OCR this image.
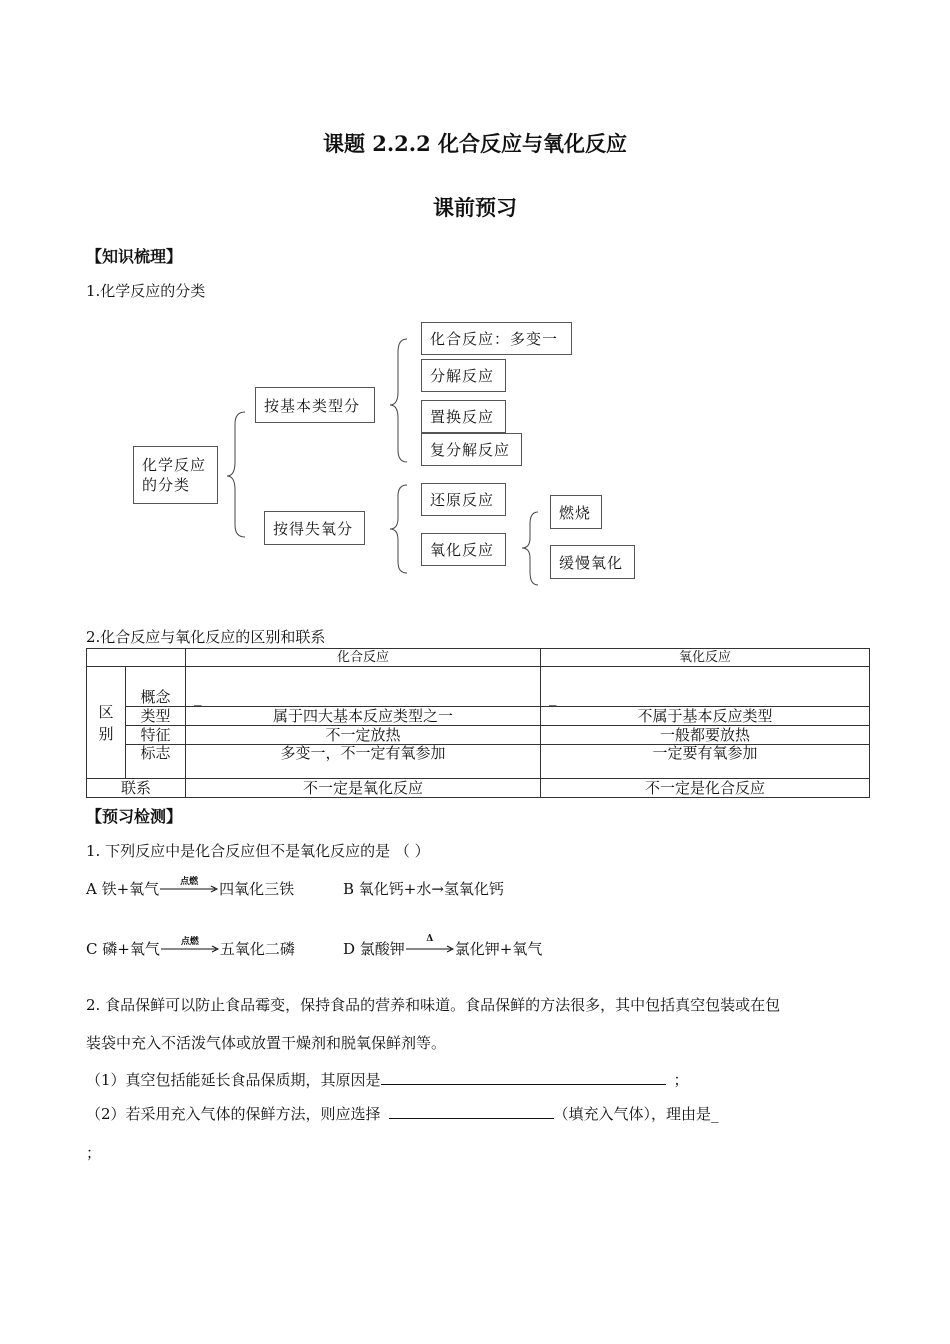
课题 2.2.2 化合反应与氧化反应
课前预习
【知识梳理】
1.化学反应的分类
化学反应的分类
按基本类型分
按得失氧分
化合反应：多变一
分解反应
置换反应
复分解反应
还原反应
氧化反应
燃烧
缓慢氧化
2.化合反应与氧化反应的区别和联系
		化合反应	氧化反应
区别	概念	_	_
	类型	属于四大基本反应类型之一	不属于基本反应类型
	特征	不一定放热	一般都要放热
	标志	多变一，不一定有氧参加	一定要有氧参加
联系		不一定是氧化反应	不一定是化合反应
【预习检测】
1. 下列反应中是化合反应但不是氧化反应的是 （ ）
A 铁+氧气	点燃	四氧化三铁	B 氧化钙+水→氢氧化钙
C 磷+氧气	点燃	五氧化二磷	D 氯酸钾
Δ
氯化钾+氧气
2. 食品保鲜可以防止食品霉变，保持食品的营养和味道。食品保鲜的方法很多，其中包括真空包装或在包
装袋中充入不活泼气体或放置干燥剂和脱氧保鲜剂等。
（1）真空包括能延长食品保质期，其原因是	；
（2）若采用充入气体的保鲜方法，则应选择	（填充入气体），理由是_
；
